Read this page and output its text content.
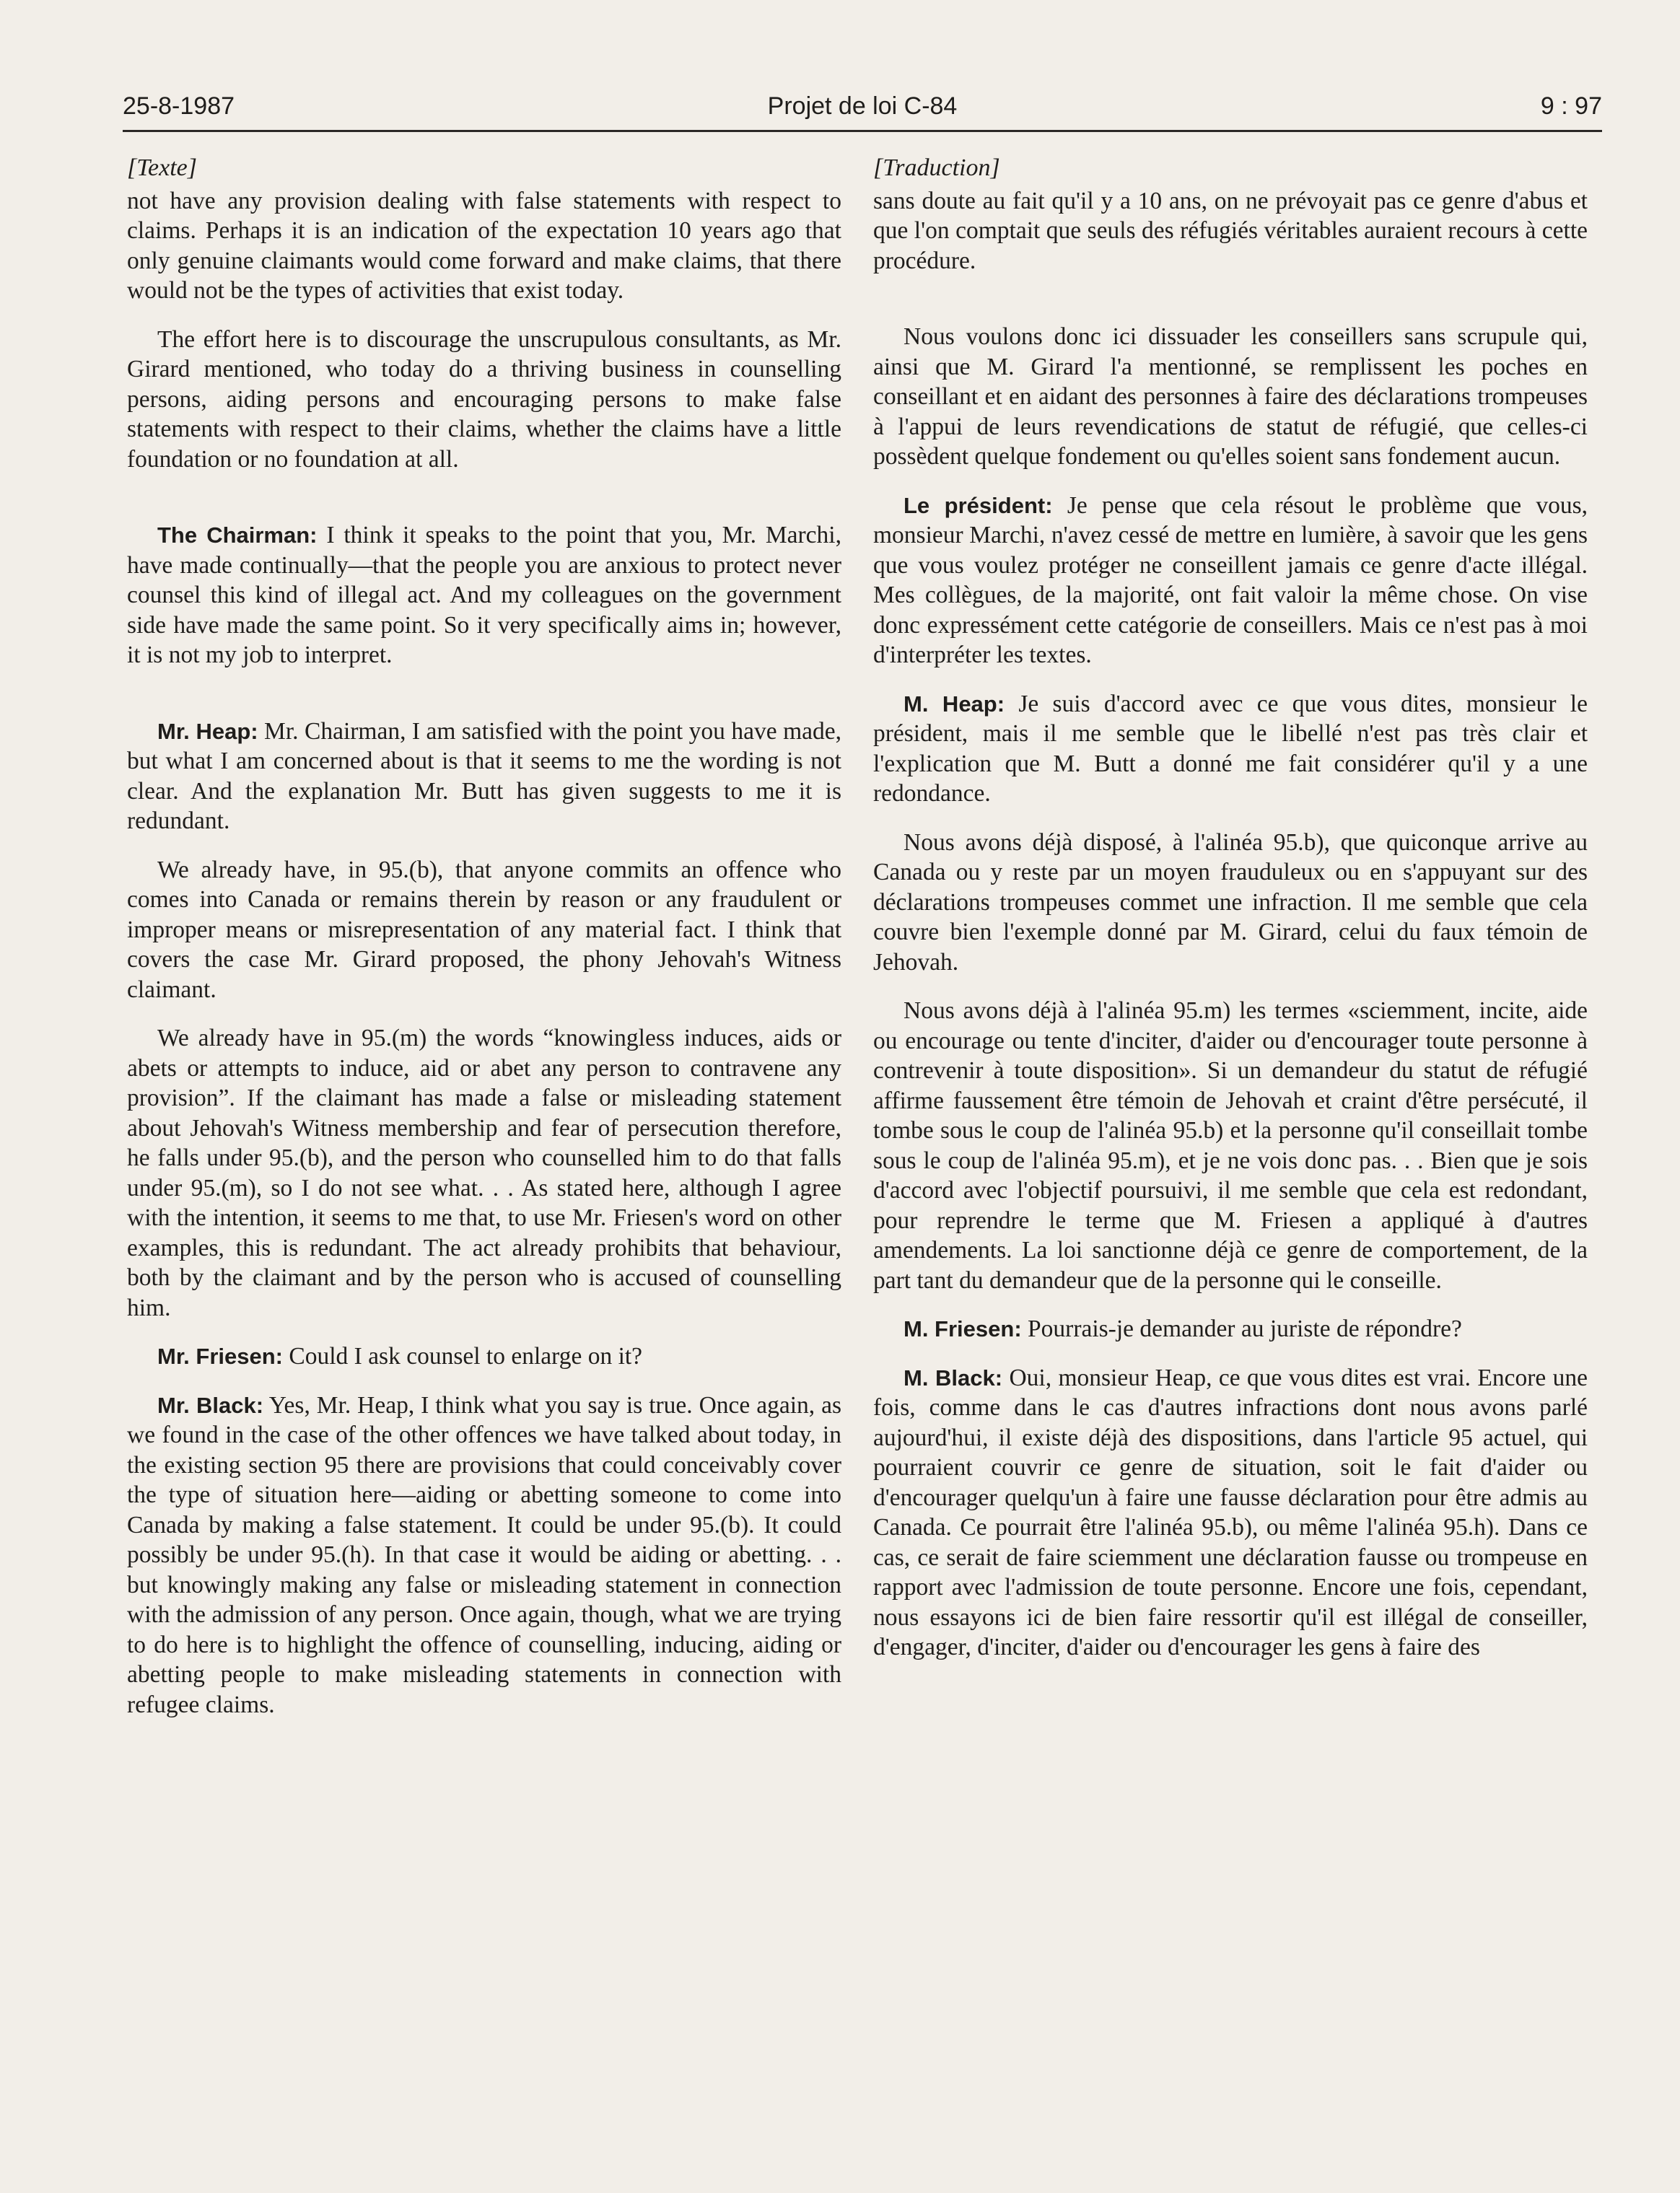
25-8-1987	Projet de loi C-84	9 : 97

[Texte]

not have any provision dealing with false statements with respect to claims. Perhaps it is an indication of the expectation 10 years ago that only genuine claimants would come forward and make claims, that there would not be the types of activities that exist today.

The effort here is to discourage the unscrupulous consultants, as Mr. Girard mentioned, who today do a thriving business in counselling persons, aiding persons and encouraging persons to make false statements with respect to their claims, whether the claims have a little foundation or no foundation at all.

The Chairman: I think it speaks to the point that you, Mr. Marchi, have made continually—that the people you are anxious to protect never counsel this kind of illegal act. And my colleagues on the government side have made the same point. So it very specifically aims in; however, it is not my job to interpret.

Mr. Heap: Mr. Chairman, I am satisfied with the point you have made, but what I am concerned about is that it seems to me the wording is not clear. And the explanation Mr. Butt has given suggests to me it is redundant.

We already have, in 95.(b), that anyone commits an offence who comes into Canada or remains therein by reason or any fraudulent or improper means or misrepresentation of any material fact. I think that covers the case Mr. Girard proposed, the phony Jehovah's Witness claimant.

We already have in 95.(m) the words “knowingless induces, aids or abets or attempts to induce, aid or abet any person to contravene any provision”. If the claimant has made a false or misleading statement about Jehovah's Witness membership and fear of persecution therefore, he falls under 95.(b), and the person who counselled him to do that falls under 95.(m), so I do not see what. . . As stated here, although I agree with the intention, it seems to me that, to use Mr. Friesen's word on other examples, this is redundant. The act already prohibits that behaviour, both by the claimant and by the person who is accused of counselling him.

Mr. Friesen: Could I ask counsel to enlarge on it?

Mr. Black: Yes, Mr. Heap, I think what you say is true. Once again, as we found in the case of the other offences we have talked about today, in the existing section 95 there are provisions that could conceivably cover the type of situation here—aiding or abetting someone to come into Canada by making a false statement. It could be under 95.(b). It could possibly be under 95.(h). In that case it would be aiding or abetting. . . but knowingly making any false or misleading statement in connection with the admission of any person. Once again, though, what we are trying to do here is to highlight the offence of counselling, inducing, aiding or abetting people to make misleading statements in connection with refugee claims.

[Traduction]

sans doute au fait qu'il y a 10 ans, on ne prévoyait pas ce genre d'abus et que l'on comptait que seuls des réfugiés véritables auraient recours à cette procédure.

Nous voulons donc ici dissuader les conseillers sans scrupule qui, ainsi que M. Girard l'a mentionné, se remplissent les poches en conseillant et en aidant des personnes à faire des déclarations trompeuses à l'appui de leurs revendications de statut de réfugié, que celles-ci possèdent quelque fondement ou qu'elles soient sans fondement aucun.

Le président: Je pense que cela résout le problème que vous, monsieur Marchi, n'avez cessé de mettre en lumière, à savoir que les gens que vous voulez protéger ne conseillent jamais ce genre d'acte illégal. Mes collègues, de la majorité, ont fait valoir la même chose. On vise donc expressément cette catégorie de conseillers. Mais ce n'est pas à moi d'interpréter les textes.

M. Heap: Je suis d'accord avec ce que vous dites, monsieur le président, mais il me semble que le libellé n'est pas très clair et l'explication que M. Butt a donné me fait considérer qu'il y a une redondance.

Nous avons déjà disposé, à l'alinéa 95.b), que quiconque arrive au Canada ou y reste par un moyen frauduleux ou en s'appuyant sur des déclarations trompeuses commet une infraction. Il me semble que cela couvre bien l'exemple donné par M. Girard, celui du faux témoin de Jehovah.

Nous avons déjà à l'alinéa 95.m) les termes «sciemment, incite, aide ou encourage ou tente d'inciter, d'aider ou d'encourager toute personne à contrevenir à toute disposition». Si un demandeur du statut de réfugié affirme faussement être témoin de Jehovah et craint d'être persécuté, il tombe sous le coup de l'alinéa 95.b) et la personne qu'il conseillait tombe sous le coup de l'alinéa 95.m), et je ne vois donc pas. . . Bien que je sois d'accord avec l'objectif poursuivi, il me semble que cela est redondant, pour reprendre le terme que M. Friesen a appliqué à d'autres amendements. La loi sanctionne déjà ce genre de comportement, de la part tant du demandeur que de la personne qui le conseille.

M. Friesen: Pourrais-je demander au juriste de répondre?

M. Black: Oui, monsieur Heap, ce que vous dites est vrai. Encore une fois, comme dans le cas d'autres infractions dont nous avons parlé aujourd'hui, il existe déjà des dispositions, dans l'article 95 actuel, qui pourraient couvrir ce genre de situation, soit le fait d'aider ou d'encourager quelqu'un à faire une fausse déclaration pour être admis au Canada. Ce pourrait être l'alinéa 95.b), ou même l'alinéa 95.h). Dans ce cas, ce serait de faire sciemment une déclaration fausse ou trompeuse en rapport avec l'admission de toute personne. Encore une fois, cependant, nous essayons ici de bien faire ressortir qu'il est illégal de conseiller, d'engager, d'inciter, d'aider ou d'encourager les gens à faire des
